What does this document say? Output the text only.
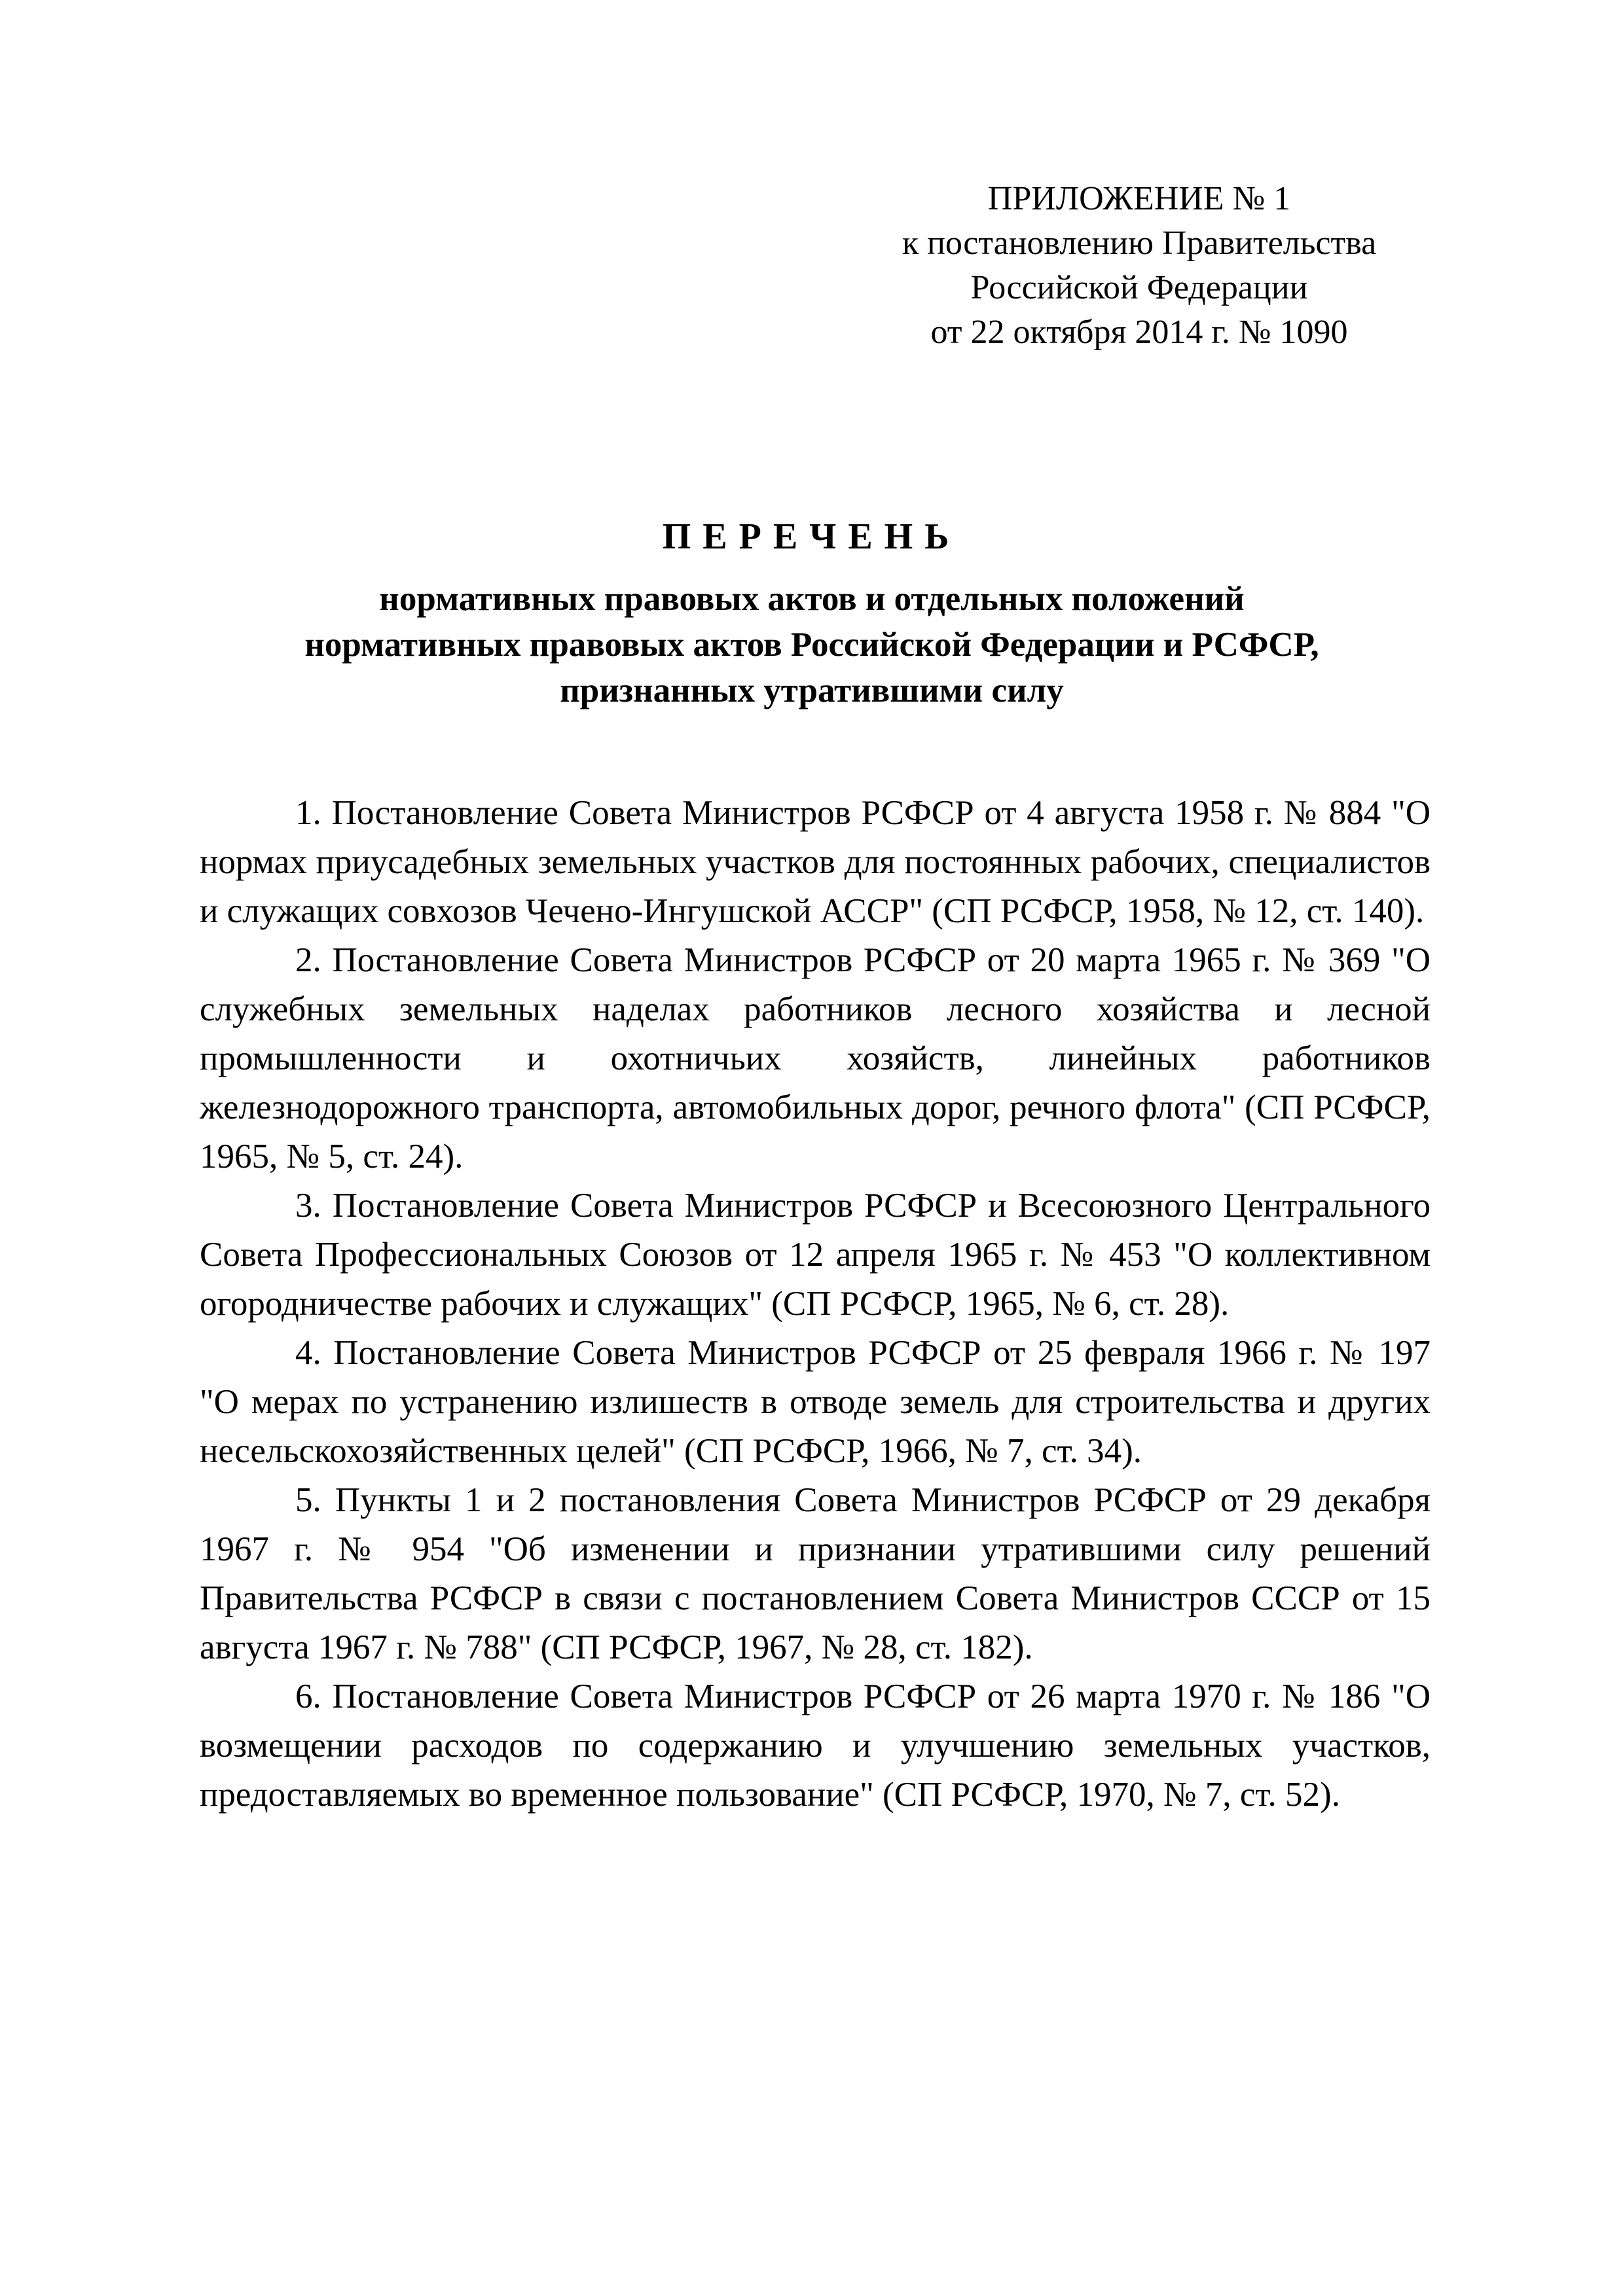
ПРИЛОЖЕНИЕ № 1
к постановлению Правительства
Российской Федерации
от 22 октября 2014 г. № 1090
ПЕРЕЧЕНЬ
нормативных правовых актов и отдельных положений
нормативных правовых актов Российской Федерации и РСФСР,
признанных утратившими силу

1. Постановление Совета Министров РСФСР от 4 августа 1958 г. № 884 "О нормах приусадебных земельных участков для постоянных рабочих, специалистов и служащих совхозов Чечено-Ингушской АССР" (СП РСФСР, 1958, № 12, ст. 140).

2. Постановление Совета Министров РСФСР от 20 марта 1965 г. № 369 "О служебных земельных наделах работников лесного хозяйства и лесной промышленности и охотничьих хозяйств, линейных работников железнодорожного транспорта, автомобильных дорог, речного флота" (СП РСФСР, 1965, № 5, ст. 24).

3. Постановление Совета Министров РСФСР и Всесоюзного Центрального Совета Профессиональных Союзов от 12 апреля 1965 г. № 453 "О коллективном огородничестве рабочих и служащих" (СП РСФСР, 1965, № 6, ст. 28).

4. Постановление Совета Министров РСФСР от 25 февраля 1966 г. № 197 "О мерах по устранению излишеств в отводе земель для строительства и других несельскохозяйственных целей" (СП РСФСР, 1966, № 7, ст. 34).

5. Пункты 1 и 2 постановления Совета Министров РСФСР от 29 декабря 1967 г. № 954 "Об изменении и признании утратившими силу решений Правительства РСФСР в связи с постановлением Совета Министров СССР от 15 августа 1967 г. № 788" (СП РСФСР, 1967, № 28, ст. 182).

6. Постановление Совета Министров РСФСР от 26 марта 1970 г. № 186 "О возмещении расходов по содержанию и улучшению земельных участков, предоставляемых во временное пользование" (СП РСФСР, 1970, № 7, ст. 52).
